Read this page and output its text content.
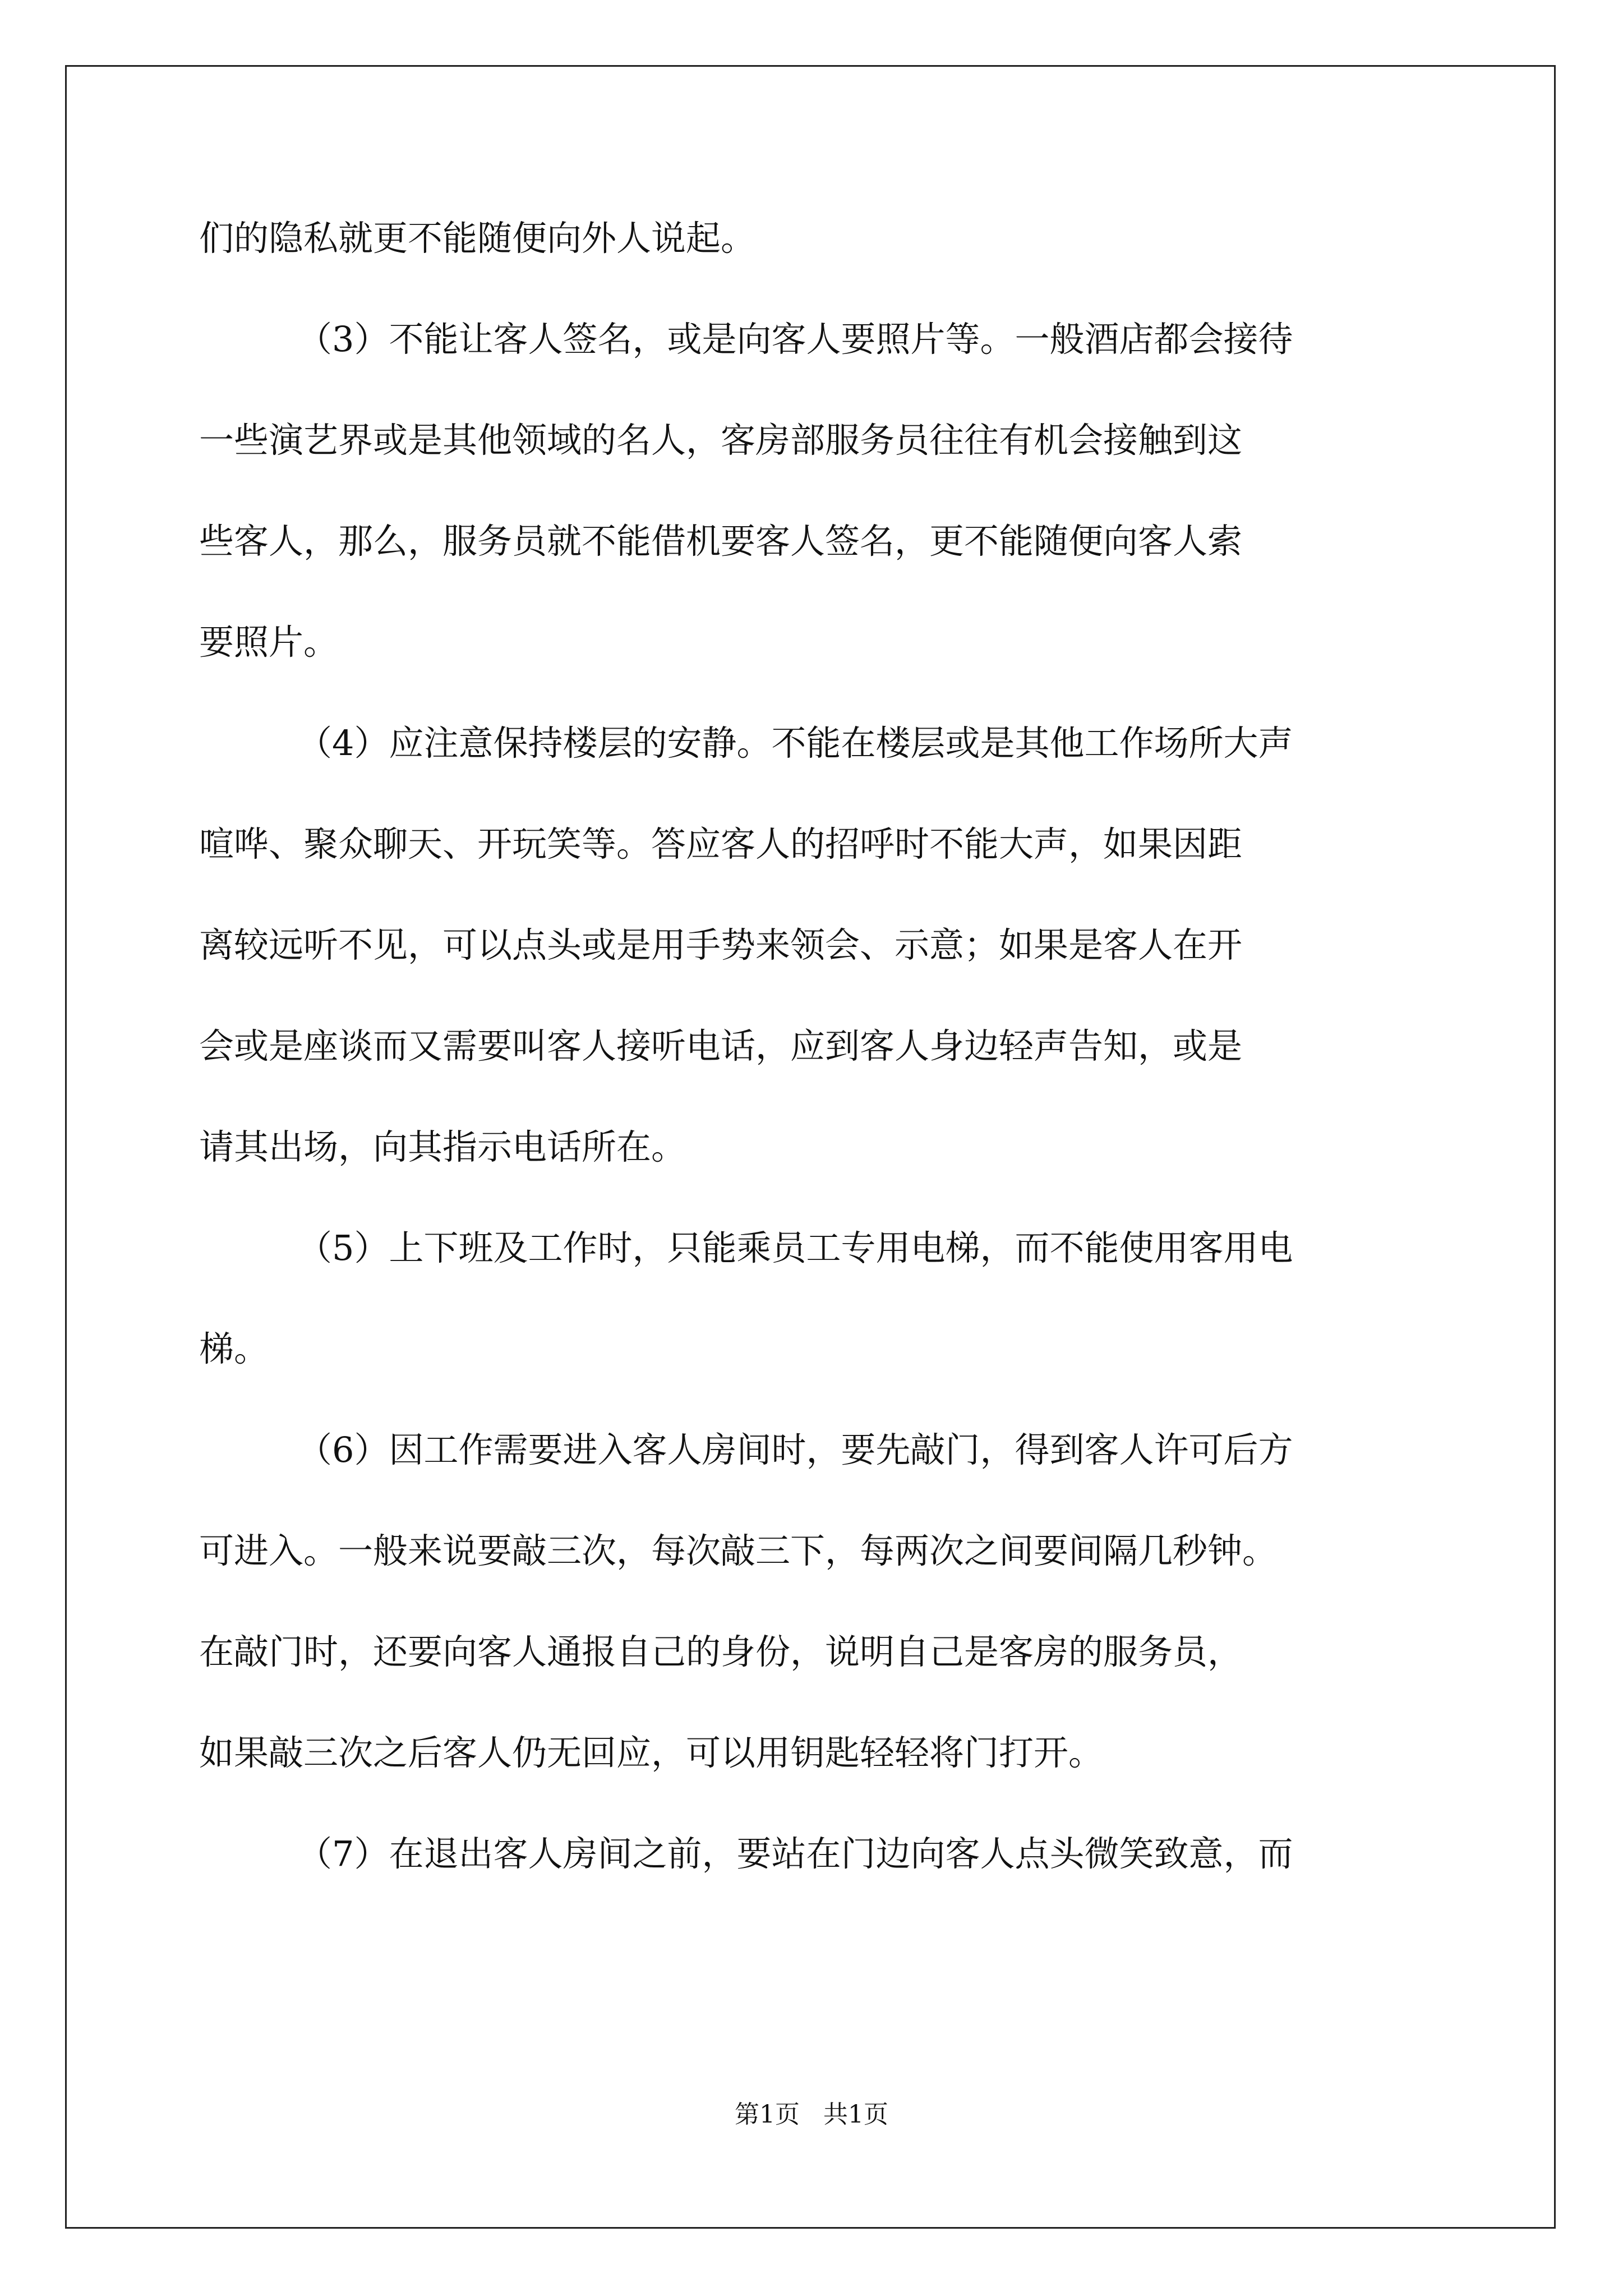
们的隐私就更不能随便向外人说起。
（3）不能让客人签名，或是向客人要照片等。一般酒店都会接待
一些演艺界或是其他领域的名人，客房部服务员往往有机会接触到这
些客人，那么，服务员就不能借机要客人签名，更不能随便向客人索
要照片。
（4）应注意保持楼层的安静。不能在楼层或是其他工作场所大声
喧哗、聚众聊天、开玩笑等。答应客人的招呼时不能大声，如果因距
离较远听不见，可以点头或是用手势来领会、示意；如果是客人在开
会或是座谈而又需要叫客人接听电话，应到客人身边轻声告知，或是
请其出场，向其指示电话所在。
（5）上下班及工作时，只能乘员工专用电梯，而不能使用客用电
梯。
（6）因工作需要进入客人房间时，要先敲门，得到客人许可后方
可进入。一般来说要敲三次，每次敲三下，每两次之间要间隔几秒钟。
在敲门时，还要向客人通报自己的身份，说明自己是客房的服务员，
如果敲三次之后客人仍无回应，可以用钥匙轻轻将门打开。
（7）在退出客人房间之前，要站在门边向客人点头微笑致意，而
第1页   共1页
